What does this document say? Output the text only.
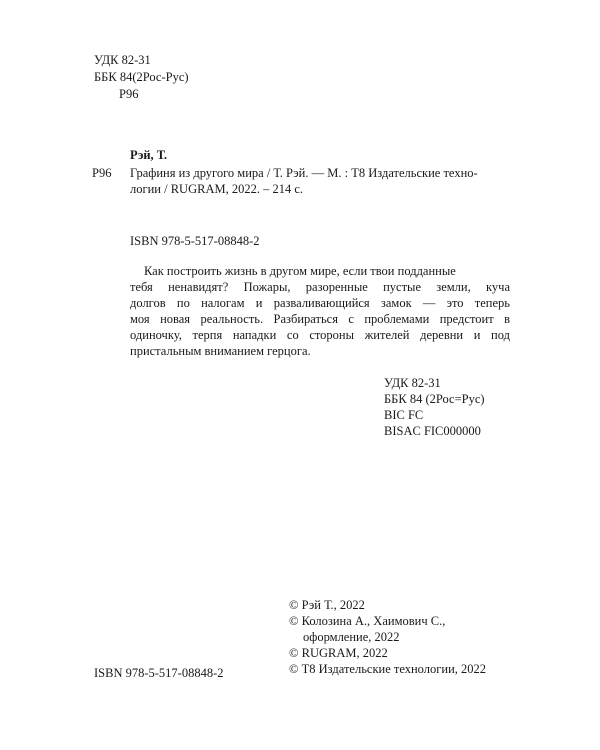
УДК 82-31
ББК 84(2Рос-Рус)
Р96
Р96
Рэй, Т.
Графиня из другого мира / Т. Рэй. — М. : Т8 Издательские техно-
логии / RUGRAM, 2022. – 214 с.
ISBN 978-5-517-08848-2
Как построить жизнь в другом мире, если твои подданные
тебя ненавидят? Пожары, разоренные пустые земли, куча
долгов по налогам и разваливающийся замок — это теперь
моя новая реальность. Разбираться с проблемами предстоит в
одиночку, терпя нападки со стороны жителей деревни и под
пристальным вниманием герцога.
УДК 82-31
ББК 84 (2Рос=Рус)
BIC FC
BISAC FIC000000
© Рэй Т., 2022
© Колозина А., Хаимович С.,
оформление, 2022
© RUGRAM, 2022
© Т8 Издательские технологии, 2022
ISBN 978-5-517-08848-2
